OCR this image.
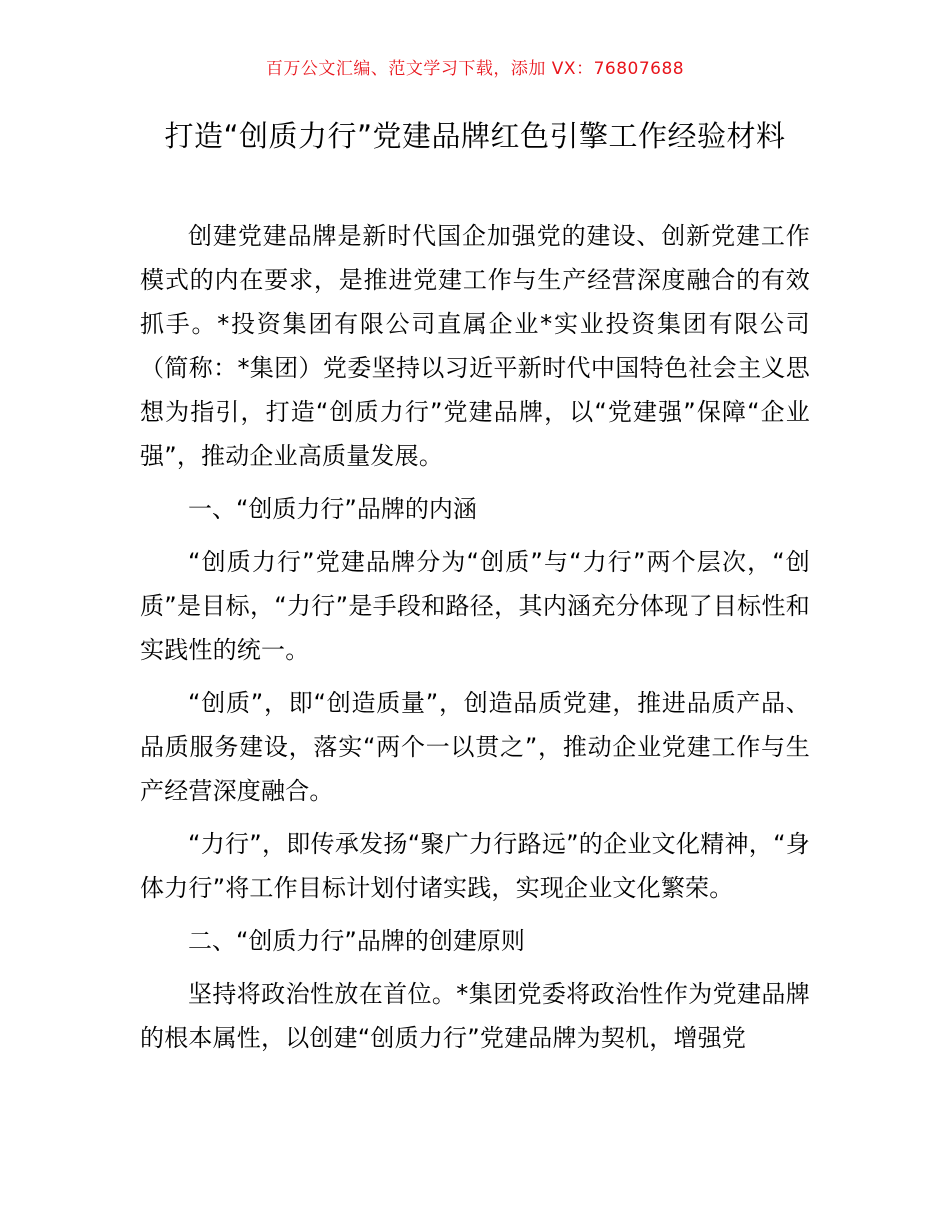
百万公文汇编、范文学习下载，添加 VX：76807688
打造“创质力行”党建品牌红色引擎工作经验材料

创建党建品牌是新时代国企加强党的建设、创新党建工作模式的内在要求，是推进党建工作与生产经营深度融合的有效抓手。*投资集团有限公司直属企业*实业投资集团有限公司（简称：*集团）党委坚持以习近平新时代中国特色社会主义思想为指引，打造“创质力行”党建品牌，以“党建强”保障“企业强”，推动企业高质量发展。

一、“创质力行”品牌的内涵

“创质力行”党建品牌分为“创质”与“力行”两个层次，“创质”是目标，“力行”是手段和路径，其内涵充分体现了目标性和实践性的统一。

“创质”，即“创造质量”，创造品质党建，推进品质产品、品质服务建设，落实“两个一以贯之”，推动企业党建工作与生产经营深度融合。

“力行”，即传承发扬“聚广力行路远”的企业文化精神，“身体力行”将工作目标计划付诸实践，实现企业文化繁荣。

二、“创质力行”品牌的创建原则

坚持将政治性放在首位。*集团党委将政治性作为党建品牌的根本属性，以创建“创质力行”党建品牌为契机，增强党
